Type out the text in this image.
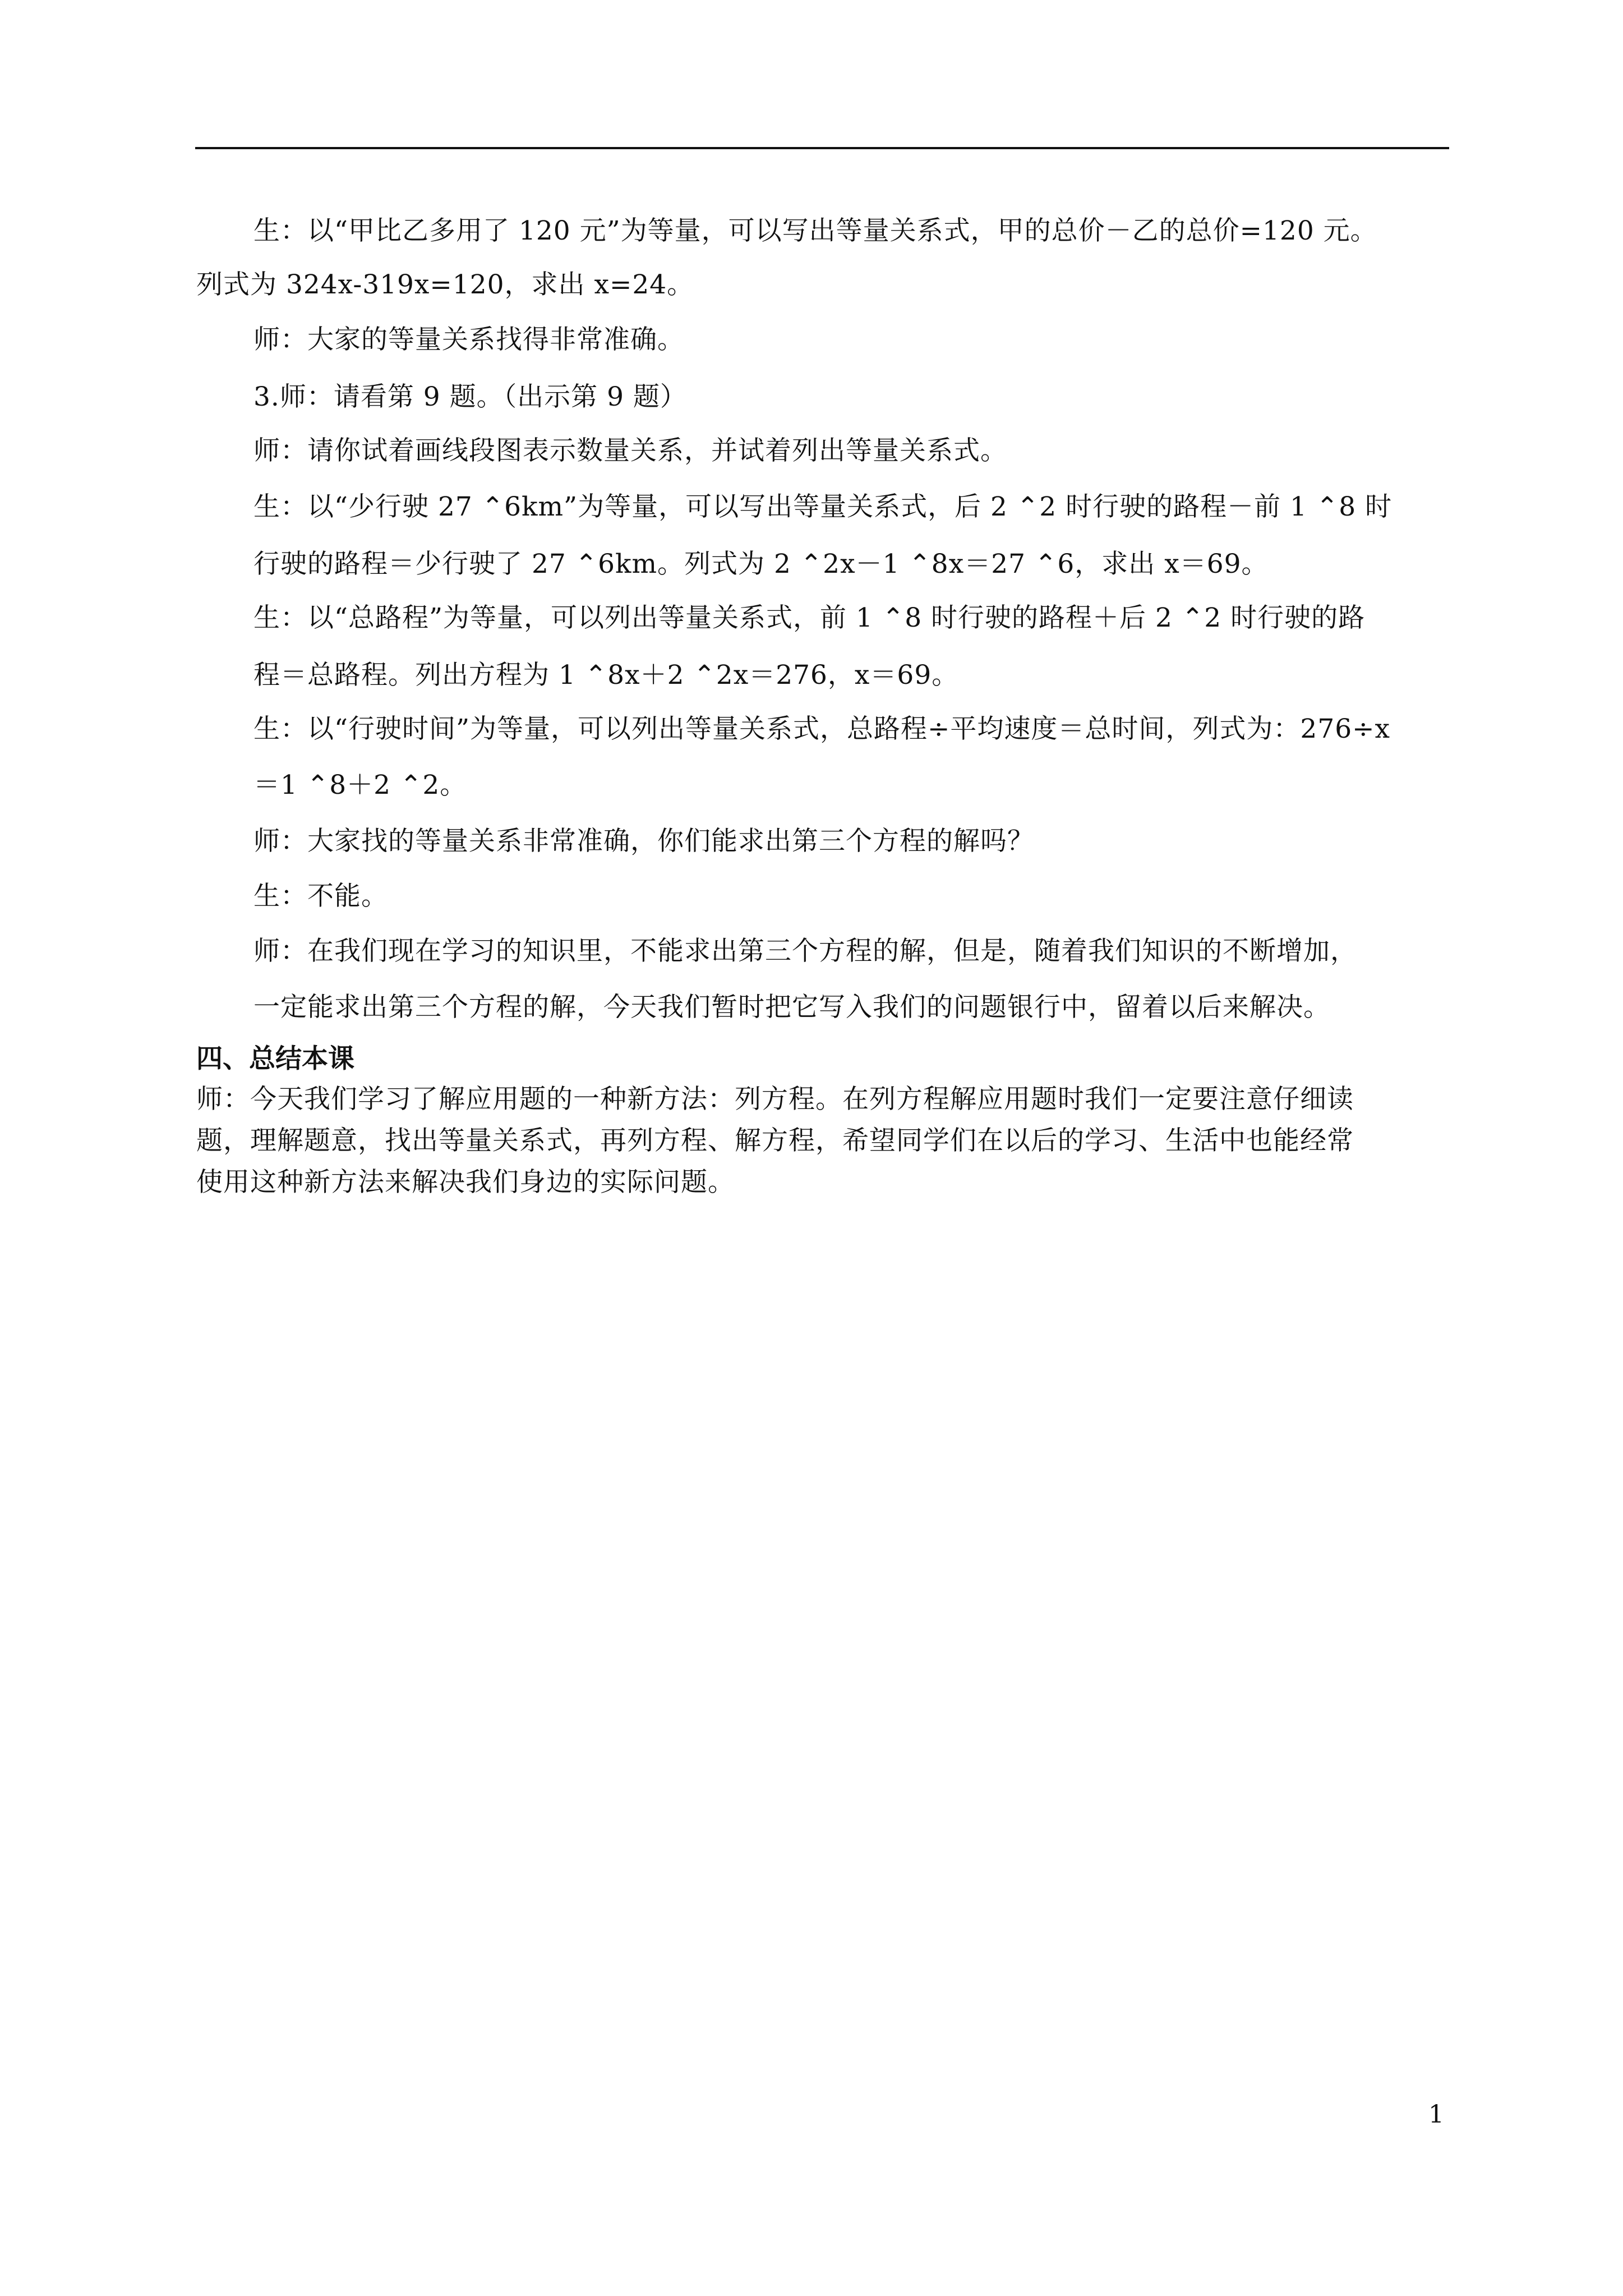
生：以“甲比乙多用了 120 元”为等量，可以写出等量关系式，甲的总价－乙的总价=120 元。
列式为 324x-319x=120，求出 x=24。
师：大家的等量关系找得非常准确。
3.师：请看第 9 题。（出示第 9 题）
师：请你试着画线段图表示数量关系，并试着列出等量关系式。
生：以“少行驶 27 ⌃6km”为等量，可以写出等量关系式，后 2 ⌃2 时行驶的路程－前 1 ⌃8 时
行驶的路程＝少行驶了 27 ⌃6km。列式为 2 ⌃2x－1 ⌃8x＝27 ⌃6，求出 x＝69。
生：以“总路程”为等量，可以列出等量关系式，前 1 ⌃8 时行驶的路程＋后 2 ⌃2 时行驶的路
程＝总路程。列出方程为 1 ⌃8x＋2 ⌃2x＝276，x＝69。
生：以“行驶时间”为等量，可以列出等量关系式，总路程÷平均速度＝总时间，列式为：276÷x
＝1 ⌃8＋2 ⌃2。
师：大家找的等量关系非常准确，你们能求出第三个方程的解吗？
生：不能。
师：在我们现在学习的知识里，不能求出第三个方程的解，但是，随着我们知识的不断增加，
一定能求出第三个方程的解，今天我们暂时把它写入我们的问题银行中，留着以后来解决。
四、总结本课
师：今天我们学习了解应用题的一种新方法：列方程。在列方程解应用题时我们一定要注意仔细读
题，理解题意，找出等量关系式，再列方程、解方程，希望同学们在以后的学习、生活中也能经常
使用这种新方法来解决我们身边的实际问题。
1
